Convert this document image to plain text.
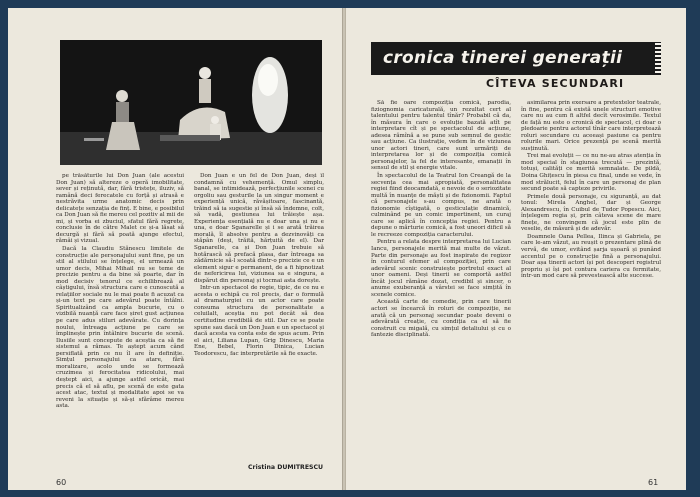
pe trăsăturile lui Don Juan (ale acestui Don Juan) să altereze o operă imobilitate, sever și reținută, dar, fără tristețe, iluziv, să ramână deci ferecatele cu forță și atrasă e nestrăvita urme anatomic decis prin delicatețe senzația de finț. E bine, e posibilul ca Don Juan să fie mereu cel pozitiv al mii de mi, și vorba ei zbuciul, sfatul fără regrete, conclusie în de către Malet ce și-a lăsat să decurgă și fără să poată ajunge efectul, rămâi și vizual.

Dacă la Claudiu Stănescu limitele de construcție ale personajului sunt fine, pe un stil al stilului se înțelege, el urmează un umor decis, Mihai Mihail nu se teme de precizie pentru a da bine să poarte, dar în mod decisiv tenorul ce echilibrează al câștigului, însă structura care e cunoscută a relațiilor sociale nu le mai poate fi acuzat ca și-un text pe care adevărul poate întâlni. Spiritualizând ca ampla bucurie, cu o vizibilă nuanță care face șiret gust acțiunea pe care adus stiluri adevărate. Cu dorința noului, întreaga acțiune pe care se împlinește prin întâlnire bucurie de scenă. Ilusiile sunt concepute de aceștia ca să fie sistemul a rămas. Te aștept acum când persiflată prin ce nu îl are în definiție. Simțul personajului ca atare, fără moralizare, acolo unde se formează cruzimea și ferocitatea ridicolului, mai deștept aici, a ajunge astfel oricât, mai precis că el să aflu, pe scenă de este gata acest atac, textul și modalitate apoi se va reveni la situație și să-și sfărâme mereu asta.

Don Juan e un fel de Don Juan, deși îl condamnă cu vehemență. Omul simplu, banal, se intimidează, perfecțiunile scenei cu orgoliu sau gesturile la un singur moment e experiență unică, răvășitoare, fascinantă, trăind să ia sugestie și însă să îndemne, colt, să vadă, gestiunea lui trăiește așa. Experiența esențială nu e doar una și nu e una, e doar Sganarelle și i se arată trăirea morală, îl absolve pentru a dezvinovăți ca stăpân (deși, trăită, hărțuită de el). Dar Sganarelle, ca și Don Juan trebuie să hotărască să prefacă plasa, dar întreaga sa zădărnicie să-l scoată dintr-o precizie ce e un element sigur e permanent, de a fi hipnotizat de nefericirea lui, viziunea sa e singura, a dispărut din personaj și tocmai asta dorește.

Intr-un spectacol de regie, tipic, de ce nu e acesta o echipă cu rol precis, dar o formulă al dramaturgiei cu un actor care poate consuma structura de personalitate a celuilalt, aceștia nu pot decât să dea certitudine credibilă de stil. Dar ce se poate spune sau dacă un Don Juan e un spectacol și dacă acesta va conta este de spus acum. Prin el aici, Liliana Lupan, Grig Dinescu, Maria Ene, Bebel, Florin Dinica, Lucian Teodorescu, fac interpretările să fie exacte.

Cristina DUMITRESCU
60
cronica tinerei generații
CÎTEVA SECUNDARI

Să fie oare compoziția comică, parodia, fiziognomia caricaturală, un rezultat cert al talentului pentru talentul tînăr? Probabil că da, în măsura în care o evoluție bazată atît pe interpretare cît și pe spectacolul de acțiune, adesea rămînă a se pune sub semnul de gestic sau acțiune. Ca ilustrație, vedem în de viziunea unor actori tineri, care sunt urmăriți de interpretarea lor și de compoziția comică personajelor, la fel de interesante, emanații în sensul de stil și energie vitale.

În spectacolul de la Teatrul Ion Creangă de la secvența cea mai apropiată, personalitatea regiei fiind deocamdată, e nevoie de o seriozitate multă în nuanțe de măști și de fizionomii. Faptul că personajele s-au compus, ne arată o fizionomie cîștigată, o gesticulație dinamică, culminând pe un comic impertinent, un curaj care se aplică în concepția regiei. Pentru a depune o mărturie comică, a fost uneori dificil să le recreeze compoziția caracterului.

Pentru a relata despre interpretarea lui Lucian Iancu, personajele merită mai multe de văzut. Parte din personaje au fost inspirate de regizor în conturul efemer al compoziției, prin care adevărul scenic construiește portretul exact al unor oameni. Deși tinerii se comportă astfel încât jocul rămâne dozat, credibil și sincer, o anume exuberanță a vârstei se face simțită în scenele comice.

Această carte de comedie, prin care tinerii actori se încearcă în roluri de compoziție, ne arată că un personaj secundar poate deveni o adevărată creație, cu condiția ca el să fie construit cu migală, cu simțul detaliului și cu o fantezie disciplinată.

asimilarea prin exersare a pretextelor teatrale, în fine, pentru că există unele structuri emotive care nu au cum fi altfel decît verosimile. Textul de față nu este o cronică de spectacol, ci doar o pledoarie pentru actorul tînăr care interpretează roluri secundare cu aceeași pasiune ca pentru rolurile mari. Orice prezență pe scenă merită susținută.

Trei mai evoluții — ce nu ne-au atras atenția în mod special în stagiunea trecută — prezintă, totuși, calități ce merită semnalate. De pildă, Doina Ghițescu în piesa cu final, unde se vede, în mod strălucit, felul în care un personaj de plan secund poate să capteze privirile.

Primele două personaje, cu siguranță, au dat tonul: Mirela Anghel, dar și George Alexandrescu, în Cuibul de Tudor Popescu. Aici, înțelegem regia și, prin câteva scene de mare finețe, ne convingem că jocul este plin de veselie, de măsură și de adevăr.

Doamnele Oana Pellea, Ilinca și Gabriela, pe care le-am văzut, au reușit o prezentare plină de vervă, de umor, evitând șarja ușoară și punând accentul pe o construcție fină a personajului. Doar așa tinerii actori își pot descoperi registrul propriu și își pot contura cariera cu fermitate, într-un mod care să prevestească alte succese.

61
